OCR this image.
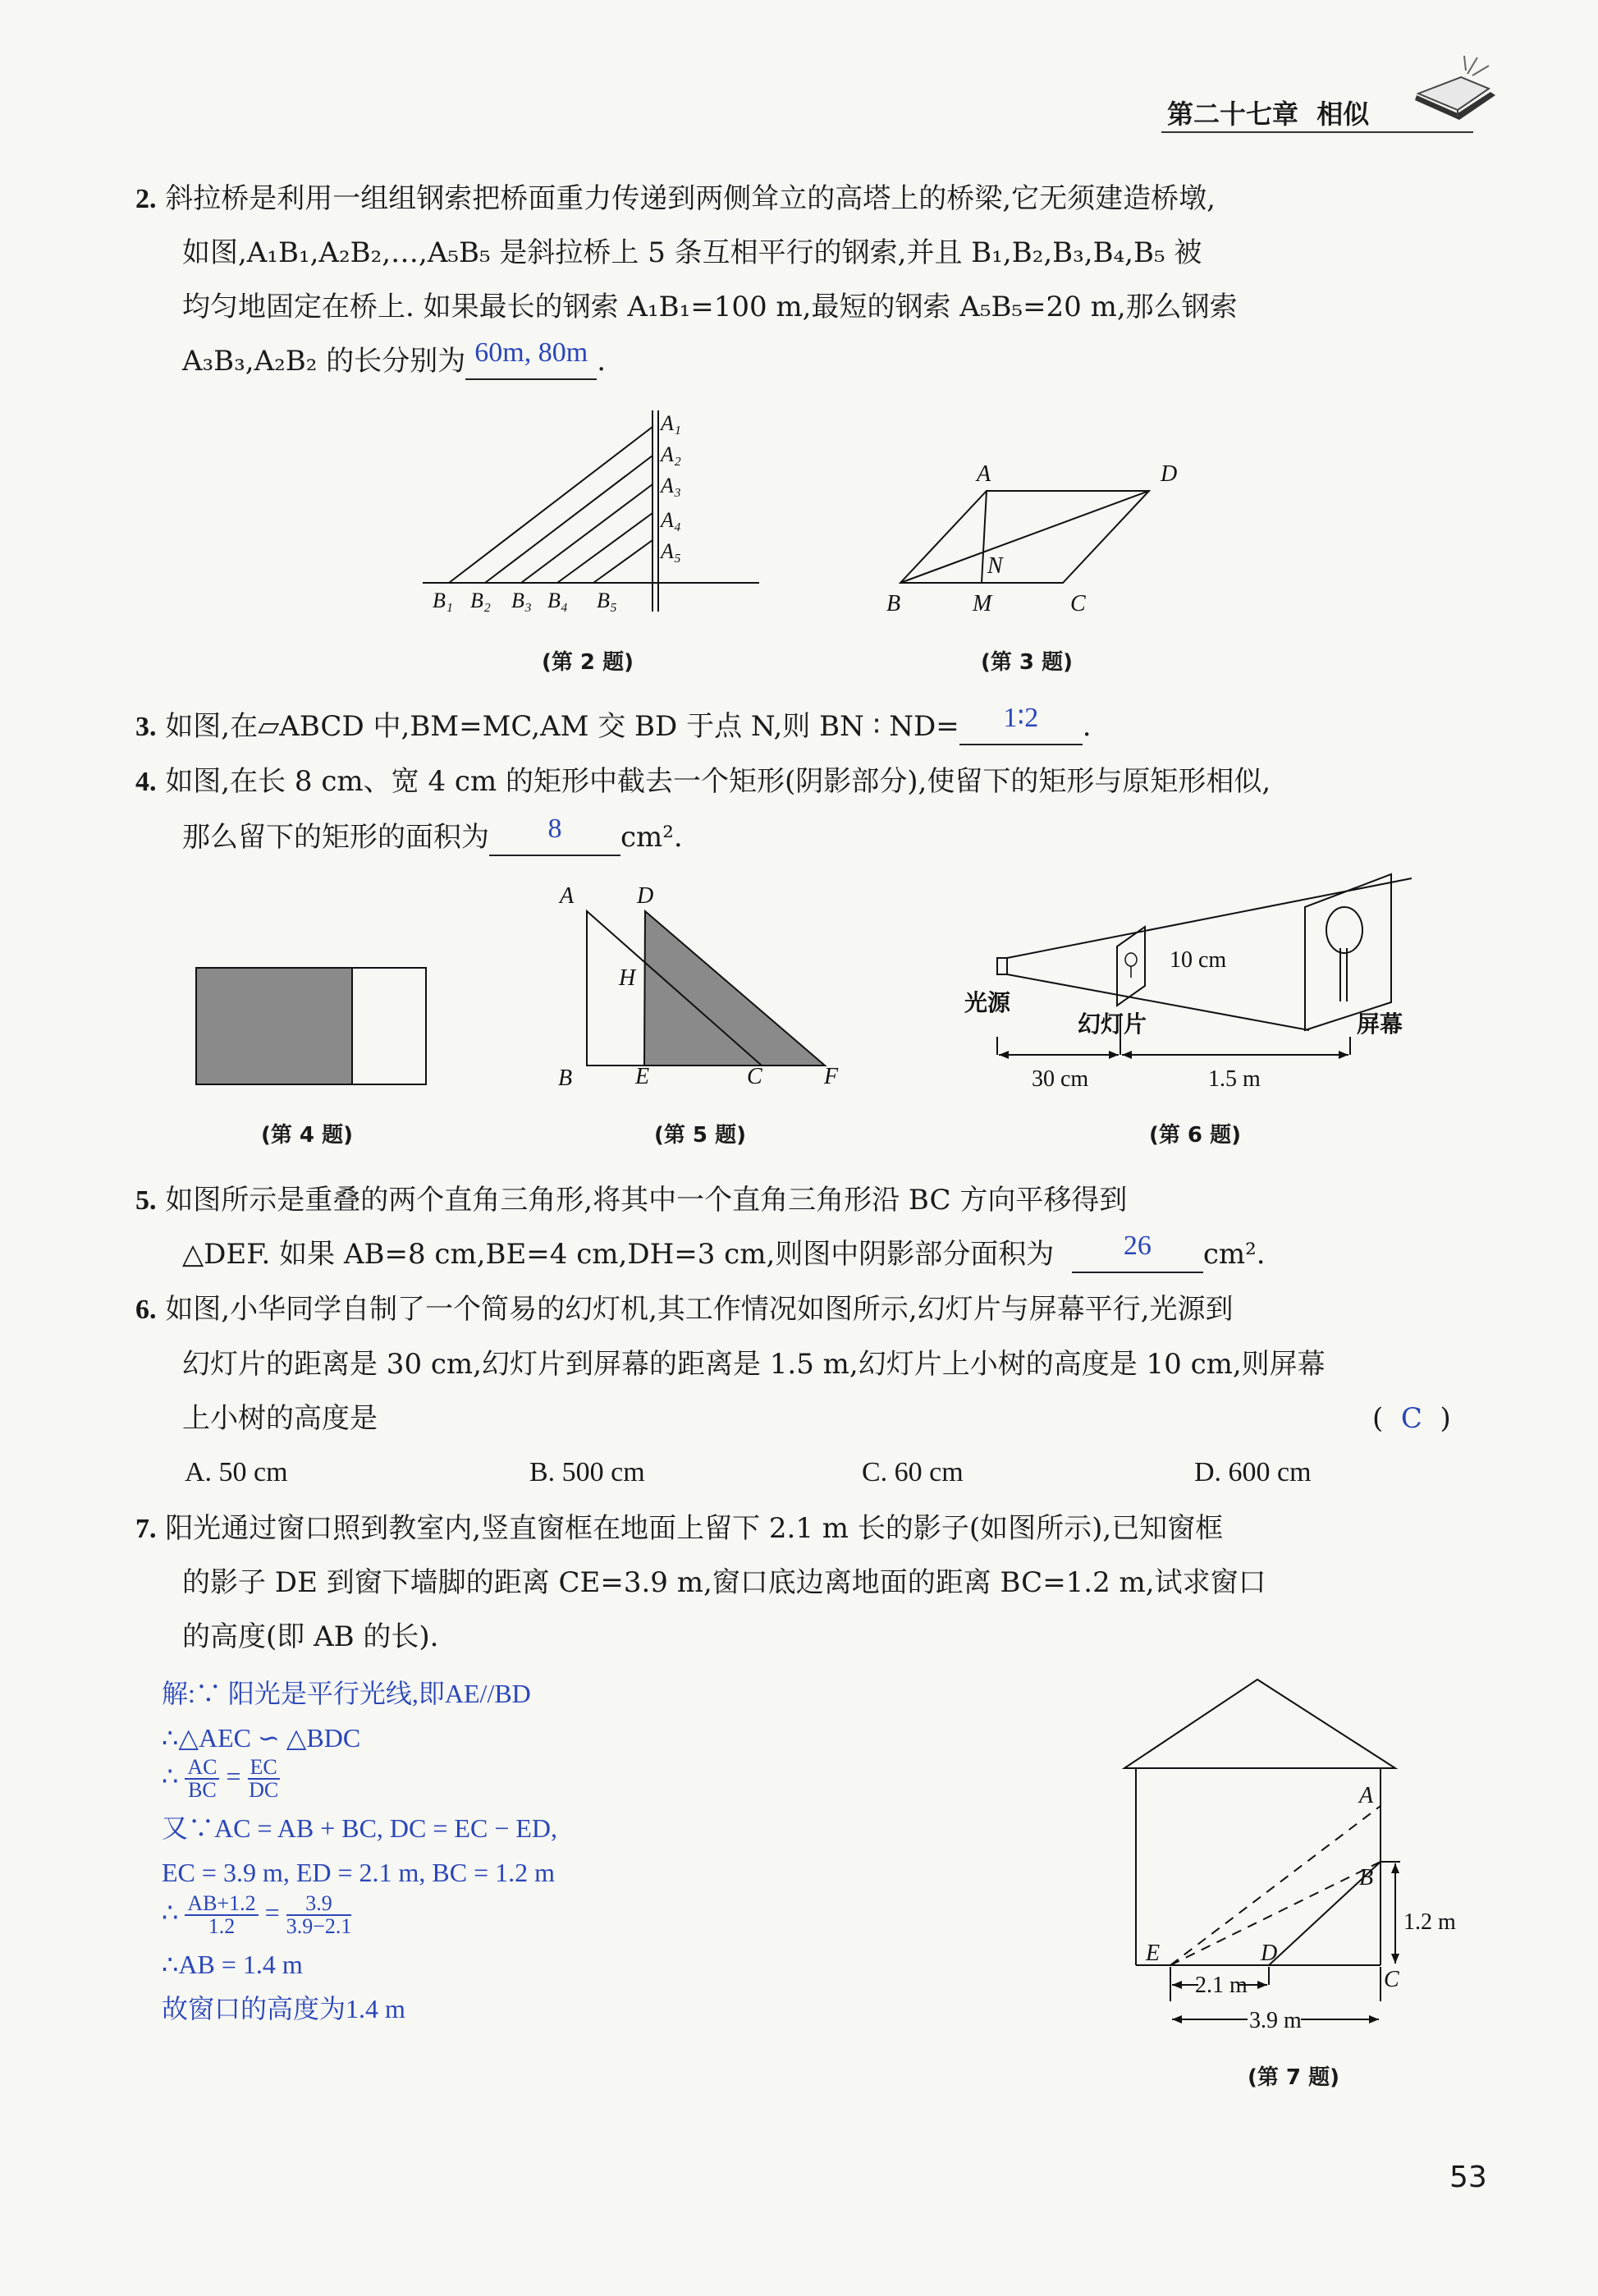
第二十七章 相似
2. 斜拉桥是利用一组组钢索把桥面重力传递到两侧耸立的高塔上的桥梁,它无须建造桥墩,
如图,A₁B₁,A₂B₂,…,A₅B₅ 是斜拉桥上 5 条互相平行的钢索,并且 B₁,B₂,B₃,B₄,B₅ 被
均匀地固定在桥上. 如果最长的钢索 A₁B₁=100 m,最短的钢索 A₅B₅=20 m,那么钢索
A₃B₃,A₂B₂ 的长分别为 60m, 80m .
A₁
A₂
A₃
A₄
A₅
B₁ B₂ B₃ B₄ B₅
(第 2 题)
A	D
B	M	C
N
(第 3 题)
3. 如图,在▱ABCD 中,BM=MC,AM 交 BD 于点 N,则 BN ∶ ND=	1∶2	.
4. 如图,在长 8 cm、宽 4 cm 的矩形中截去一个矩形(阴影部分),使留下的矩形与原矩形相似,
那么留下的矩形的面积为	8	cm².
(第 4 题)
A	D
H
B	E	C	F
(第 5 题)
10 cm
光源
幻灯片	屏幕
30 cm	1.5 m
(第 6 题)
5. 如图所示是重叠的两个直角三角形,将其中一个直角三角形沿 BC 方向平移得到
△DEF. 如果 AB=8 cm,BE=4 cm,DH=3 cm,则图中阴影部分面积为	26	cm².
6. 如图,小华同学自制了一个简易的幻灯机,其工作情况如图所示,幻灯片与屏幕平行,光源到
幻灯片的距离是 30 cm,幻灯片到屏幕的距离是 1.5 m,幻灯片上小树的高度是 10 cm,则屏幕
上小树的高度是	( C )
A. 50 cm	B. 500 cm	C. 60 cm	D. 600 cm
7. 阳光通过窗口照到教室内,竖直窗框在地面上留下 2.1 m 长的影子(如图所示),已知窗框
的影子 DE 到窗下墙脚的距离 CE=3.9 m,窗口底边离地面的距离 BC=1.2 m,试求窗口
的高度(即 AB 的长).
解:∵ 阳光是平行光线,即AE//BD
∴△AEC ∽ △BDC
∴ $\frac{AC}{BC} = \frac{EC}{DC}$
又∵AC = AB + BC, DC = EC − ED,
EC = 3.9 m, ED = 2.1 m, BC = 1.2 m
∴ $\frac{AB+1.2}{1.2} = \frac{3.9}{3.9-2.1}$
∴AB = 1.4 m
故窗口的高度为1.4 m
A
B
C
D
E
1.2 m
2.1 m
3.9 m
(第 7 题)
53
